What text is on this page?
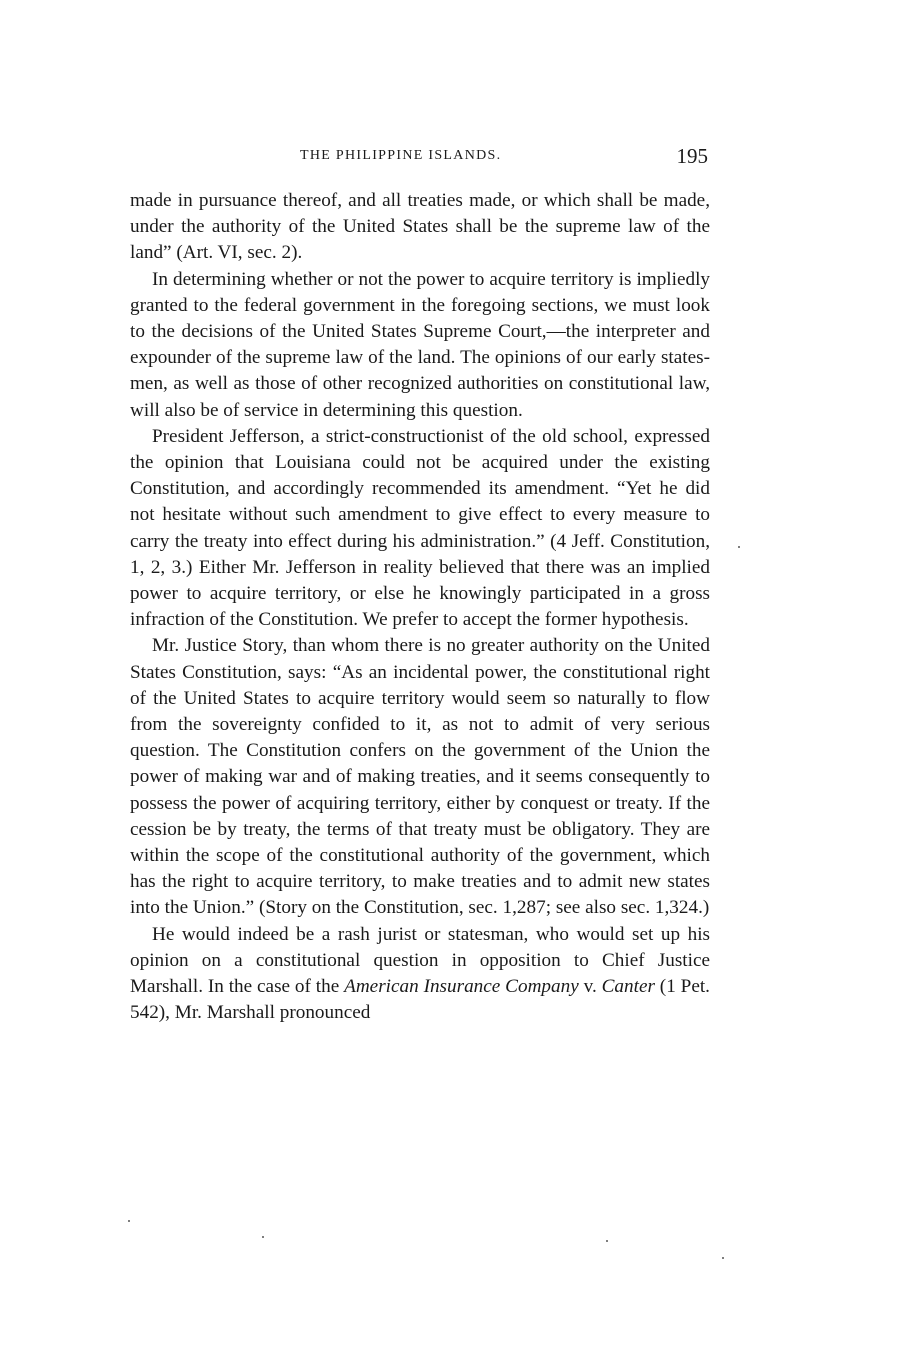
THE PHILIPPINE ISLANDS.	195

made in pursuance thereof, and all treaties made, or which shall be made, under the authority of the United States shall be the supreme law of the land” (Art. VI, sec. 2).

In determining whether or not the power to acquire territory is impliedly granted to the federal government in the foregoing sections, we must look to the decisions of the United States Supreme Court,—the interpreter and expounder of the supreme law of the land. The opinions of our early statesmen, as well as those of other recognized authorities on constitutional law, will also be of service in determining this question.

President Jefferson, a strict-constructionist of the old school, expressed the opinion that Louisiana could not be acquired under the existing Constitution, and accordingly recommended its amendment. “Yet he did not hesitate without such amendment to give effect to every measure to carry the treaty into effect during his administration.” (4 Jeff. Constitution, 1, 2, 3.) Either Mr. Jefferson in reality believed that there was an implied power to acquire territory, or else he knowingly participated in a gross infraction of the Constitution. We prefer to accept the former hypothesis.

Mr. Justice Story, than whom there is no greater authority on the United States Constitution, says: “As an incidental power, the constitutional right of the United States to acquire territory would seem so naturally to flow from the sovereignty confided to it, as not to admit of very serious question. The Constitution confers on the government of the Union the power of making war and of making treaties, and it seems consequently to possess the power of acquiring territory, either by conquest or treaty. If the cession be by treaty, the terms of that treaty must be obligatory. They are within the scope of the constitutional authority of the government, which has the right to acquire territory, to make treaties and to admit new states into the Union.” (Story on the Constitution, sec. 1,287; see also sec. 1,324.)

He would indeed be a rash jurist or statesman, who would set up his opinion on a constitutional question in opposition to Chief Justice Marshall. In the case of the American Insurance Company v. Canter (1 Pet. 542), Mr. Marshall pronounced
